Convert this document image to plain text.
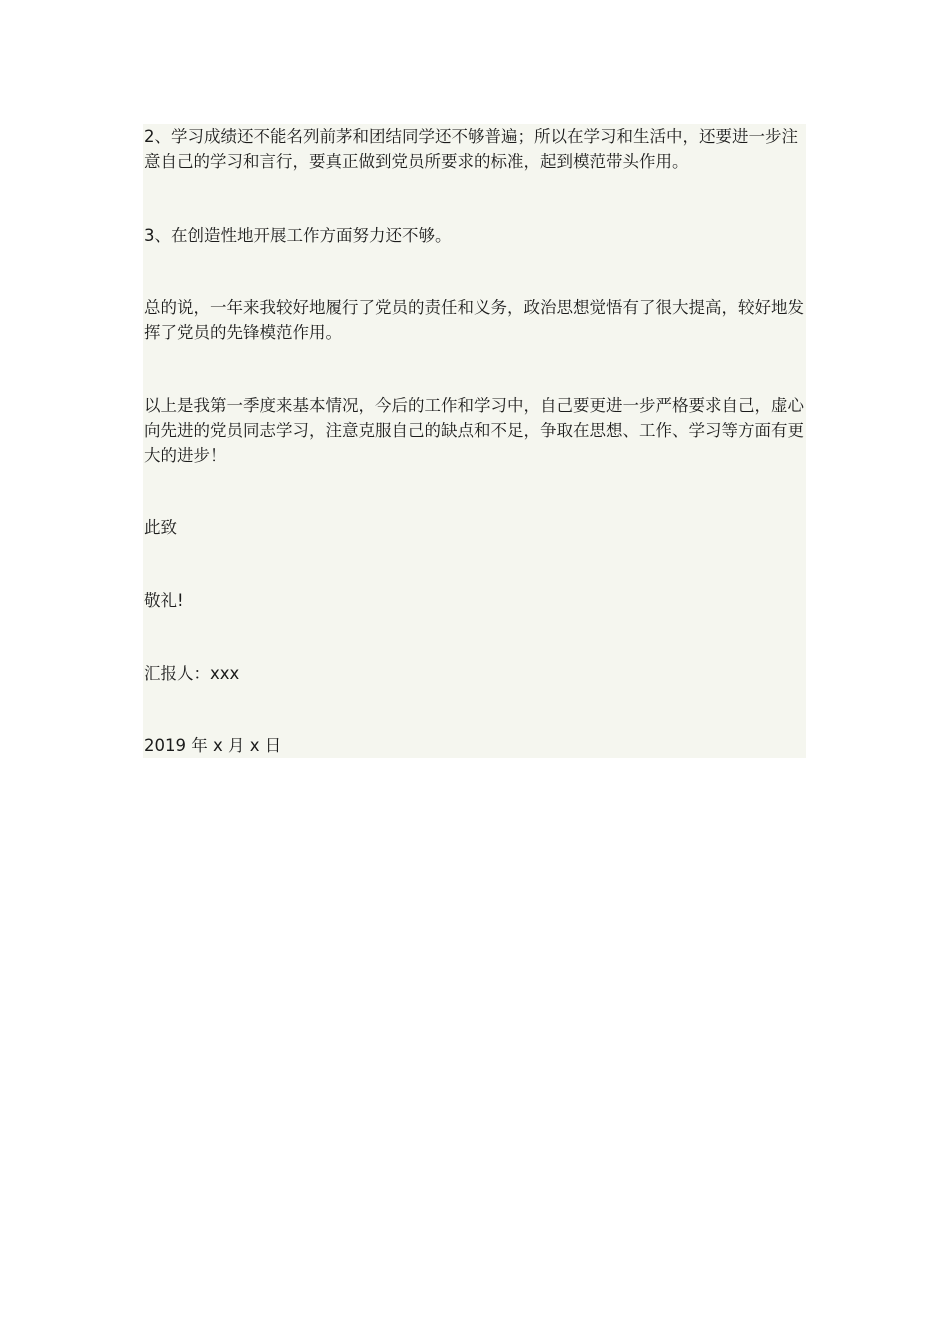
2、学习成绩还不能名列前茅和团结同学还不够普遍；所以在学习和生活中，还要进一步注意自己的学习和言行，要真正做到党员所要求的标准，起到模范带头作用。

3、在创造性地开展工作方面努力还不够。

总的说，一年来我较好地履行了党员的责任和义务，政治思想觉悟有了很大提高，较好地发挥了党员的先锋模范作用。

以上是我第一季度来基本情况，今后的工作和学习中，自己要更进一步严格要求自己，虚心向先进的党员同志学习，注意克服自己的缺点和不足，争取在思想、工作、学习等方面有更大的进步！

此致

敬礼!

汇报人：xxx

2019 年 x 月 x 日
